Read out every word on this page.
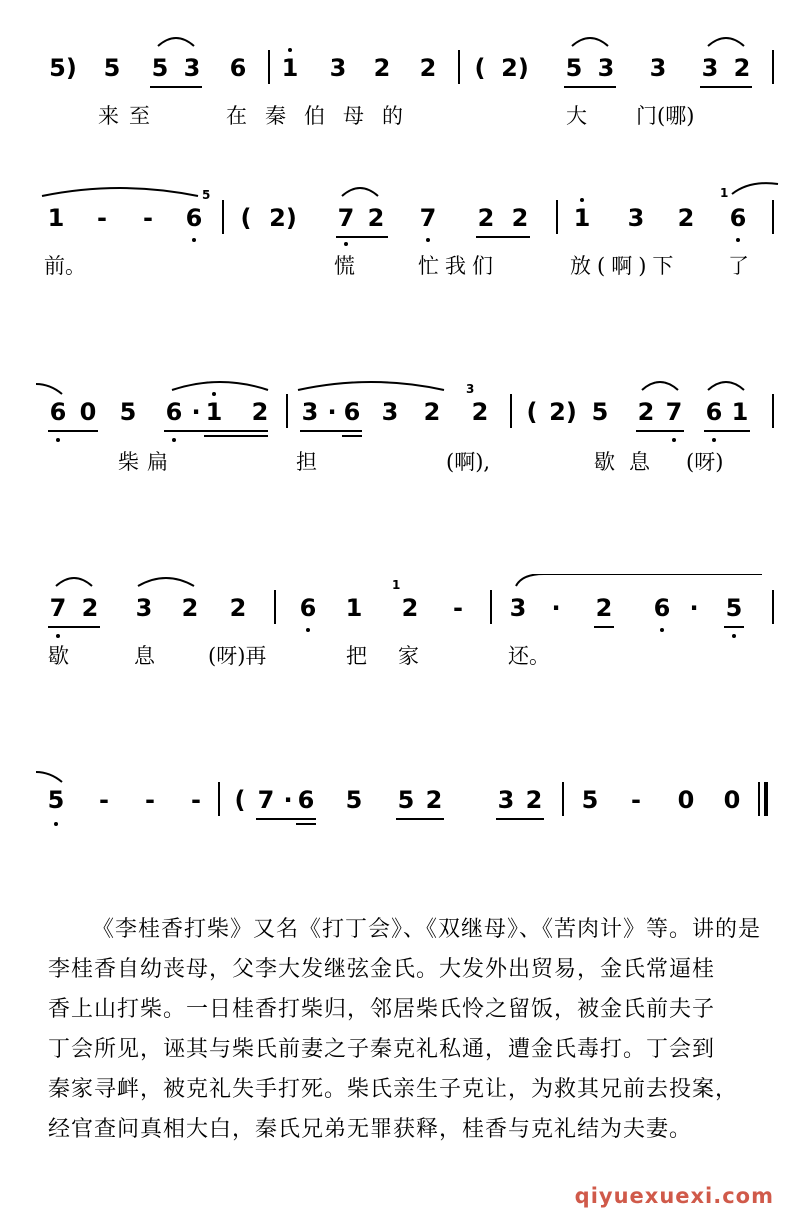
5) 5 5 3 6 1 3 2 2 ( 2) 5 3 3 3 2
来至	在秦伯母的	大 门(哪)
1 - - 6
5
( 2) 7 2 7 2 2 1 3 2
1
6
前。	慌	忙我们	放(啊)下 了
6 0 5 6 · 1 2 3 · 6 3 2
3
2 ( 2) 5 2 7 6 1
柴扁	担	(啊),	歇息 (呀)
7 2 3 2 2 6 1
1
2 - 3 · 2 6 · 5
歇	息	(呀)再	把 家	还。
5 - - - ( 7 · 6 5 5 2 3 2 5 - 0 0
《李桂香打柴》又名《打丁会》、《双继母》、《苦肉计》等。讲的是
李桂香自幼丧母，父李大发继弦金氏。大发外出贸易，金氏常逼桂
香上山打柴。一日桂香打柴归，邻居柴氏怜之留饭，被金氏前夫子
丁会所见，诬其与柴氏前妻之子秦克礼私通，遭金氏毒打。丁会到
秦家寻衅，被克礼失手打死。柴氏亲生子克让，为救其兄前去投案，
经官查问真相大白，秦氏兄弟无罪获释，桂香与克礼结为夫妻。
qiyuexuexi.com
